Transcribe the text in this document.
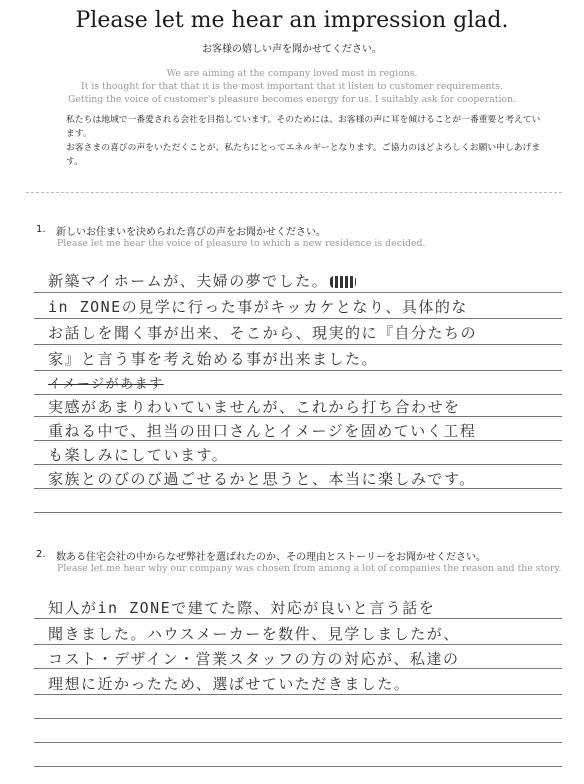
Please let me hear an impression glad.
お客様の嬉しい声を聞かせてください。
We are aiming at the company loved most in regions.
It is thought for that that it is the most important that it listen to customer requirements.
Getting the voice of customer's pleasure becomes energy for us. I suitably ask for cooperation.
私たちは地域で一番愛される会社を目指しています。そのためには、お客様の声に耳を傾けることが一番重要と考えています。
お客さまの喜びの声をいただくことが、私たちにとってエネルギーとなります。ご協力のほどよろしくお願い申しあげます。
1. 新しいお住まいを決められた喜びの声をお聞かせください。
Please let me hear the voice of pleasure to which a new residence is decided.
新築マイホームが、夫婦の夢でした。
in ZONEの見学に行った事がキッカケとなり、具体的な
お話しを聞く事が出来、そこから、現実的に『自分たちの
家』と言う事を考え始める事が出来ました。
イメージがあます
実感があまりわいていませんが、これから打ち合わせを
重ねる中で、担当の田口さんとイメージを固めていく工程
も楽しみにしています。
家族とのびのび過ごせるかと思うと、本当に楽しみです。
2. 数ある住宅会社の中からなぜ弊社を選ばれたのか、その理由とストーリーをお聞かせください。
Please let me hear why our company was chosen from among a lot of companies the reason and the story.
知人がin ZONEで建てた際、対応が良いと言う話を
聞きました。ハウスメーカーを数件、見学しましたが、
コスト・デザイン・営業スタッフの方の対応が、私達の
理想に近かったため、選ばせていただきました。
